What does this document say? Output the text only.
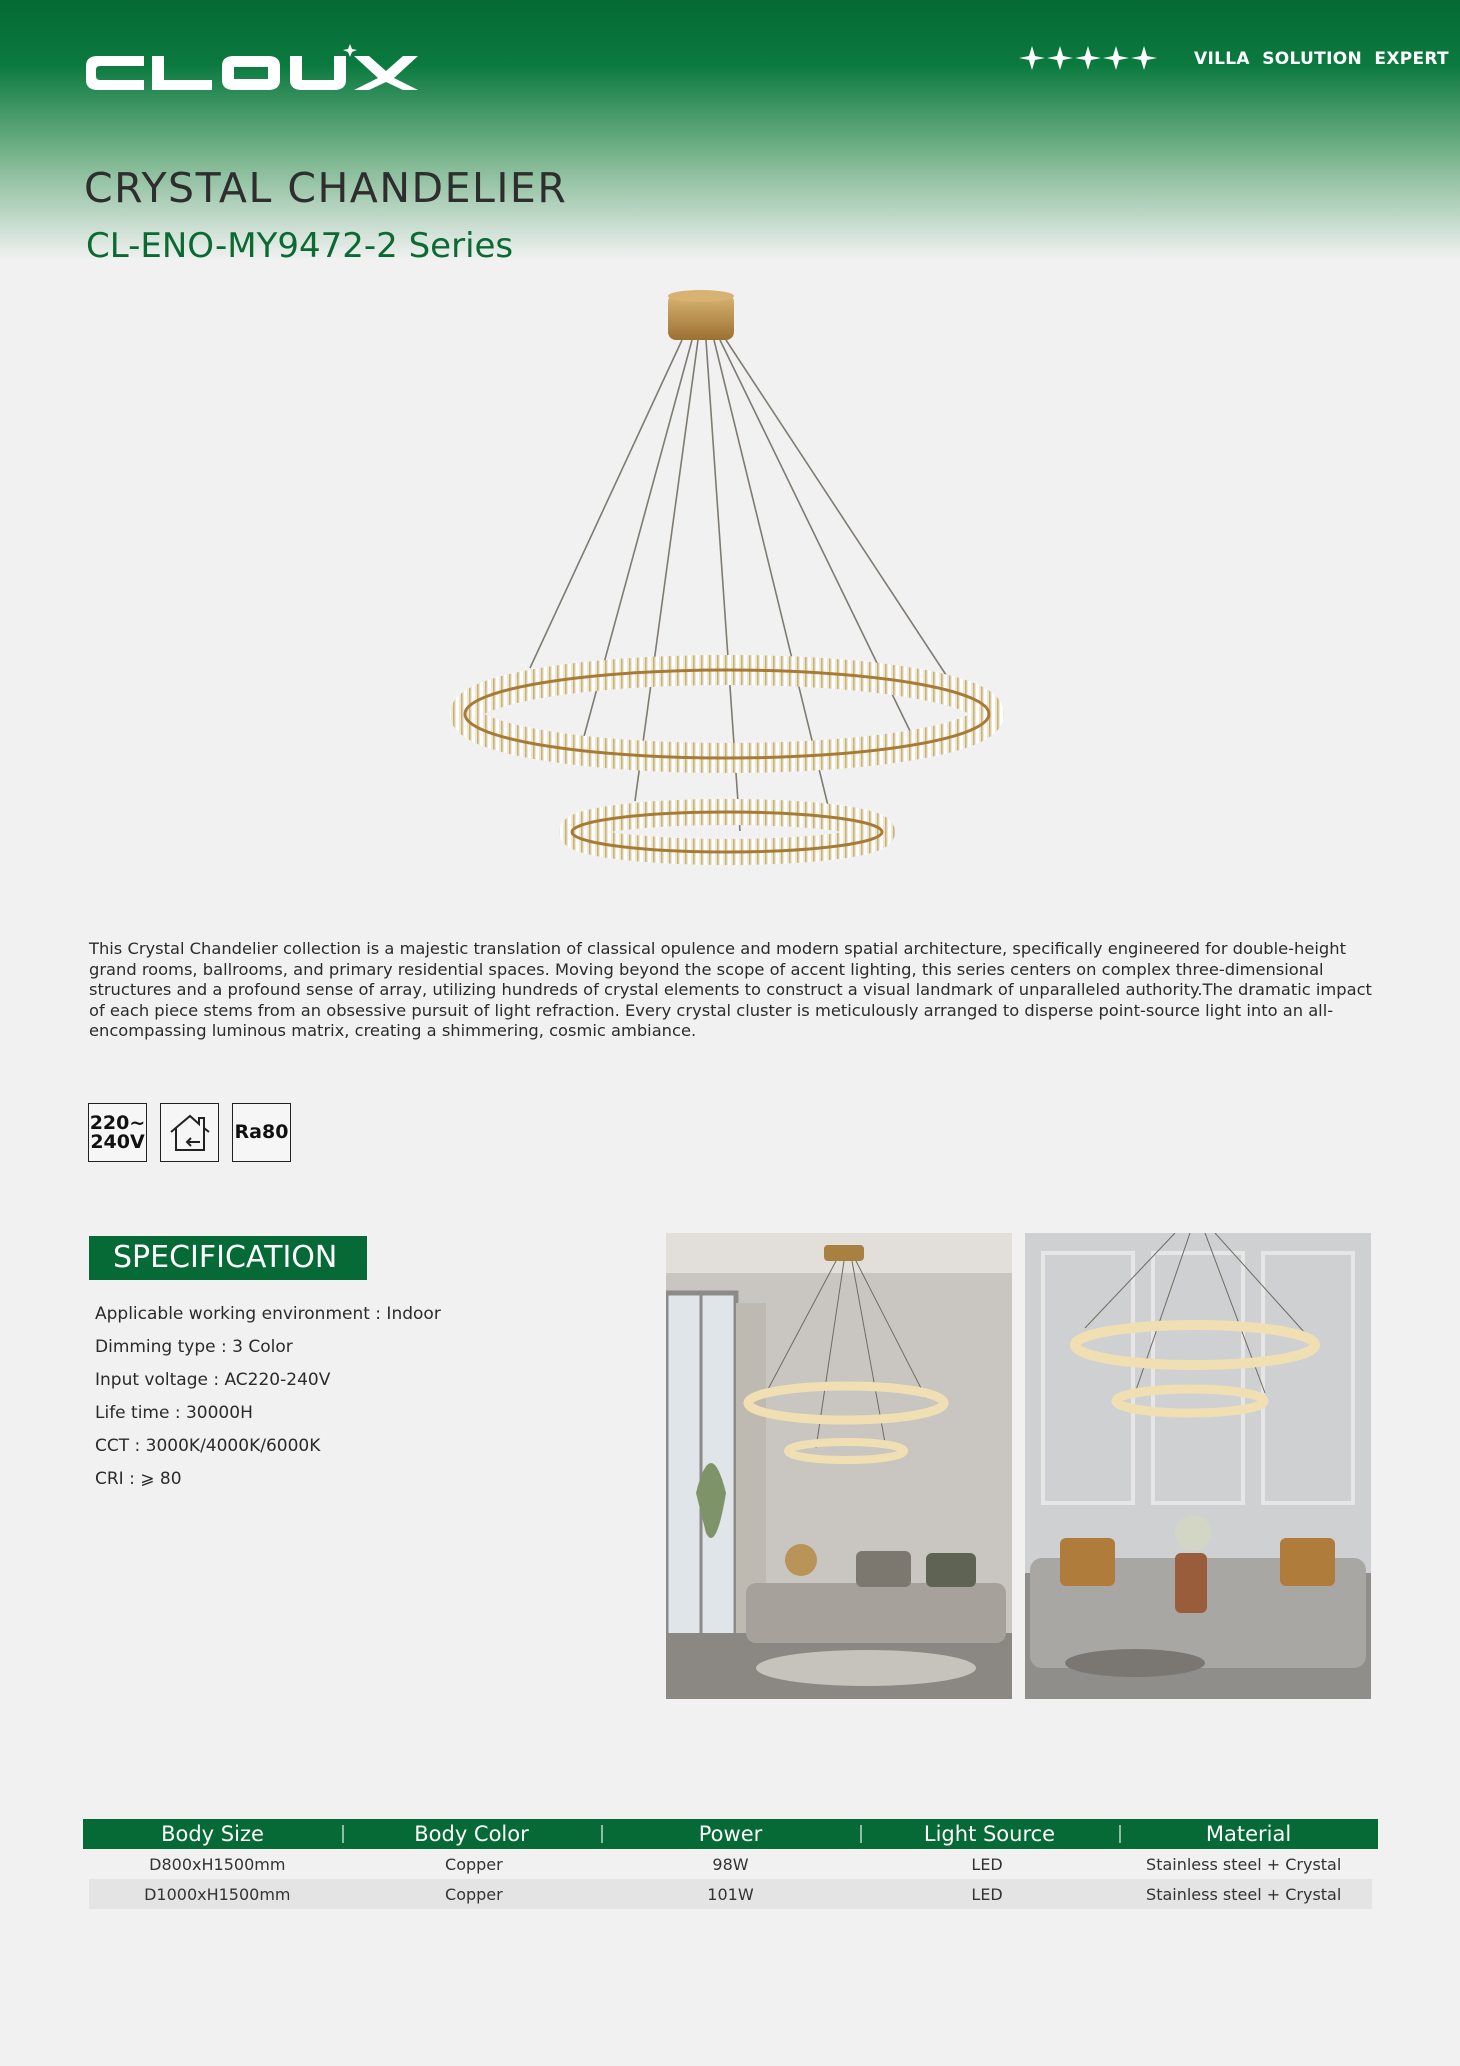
VILLA  SOLUTION  EXPERT
CRYSTAL CHANDELIER
CL-ENO-MY9472-2 Series

This Crystal Chandelier collection is a majestic translation of classical opulence and modern spatial architecture, specifically engineered for double-height grand rooms, ballrooms, and primary residential spaces. Moving beyond the scope of accent lighting, this series centers on complex three-dimensional structures and a profound sense of array, utilizing hundreds of crystal elements to construct a visual landmark of unparalleled authority.The dramatic impact of each piece stems from an obsessive pursuit of light refraction. Every crystal cluster is meticulously arranged to disperse point-source light into an all-encompassing luminous matrix, creating a shimmering, cosmic ambiance.

220~
240V	Ra80
SPECIFICATION
Applicable working environment : Indoor
Dimming type : 3 Color
Input voltage : AC220-240V
Life time : 30000H
CCT : 3000K/4000K/6000K
CRI : ⩾ 80
Body Size	Body Color	Power	Light Source	Material
D800xH1500mm	Copper	98W	LED	Stainless steel + Crystal
D1000xH1500mm	Copper	101W	LED	Stainless steel + Crystal
